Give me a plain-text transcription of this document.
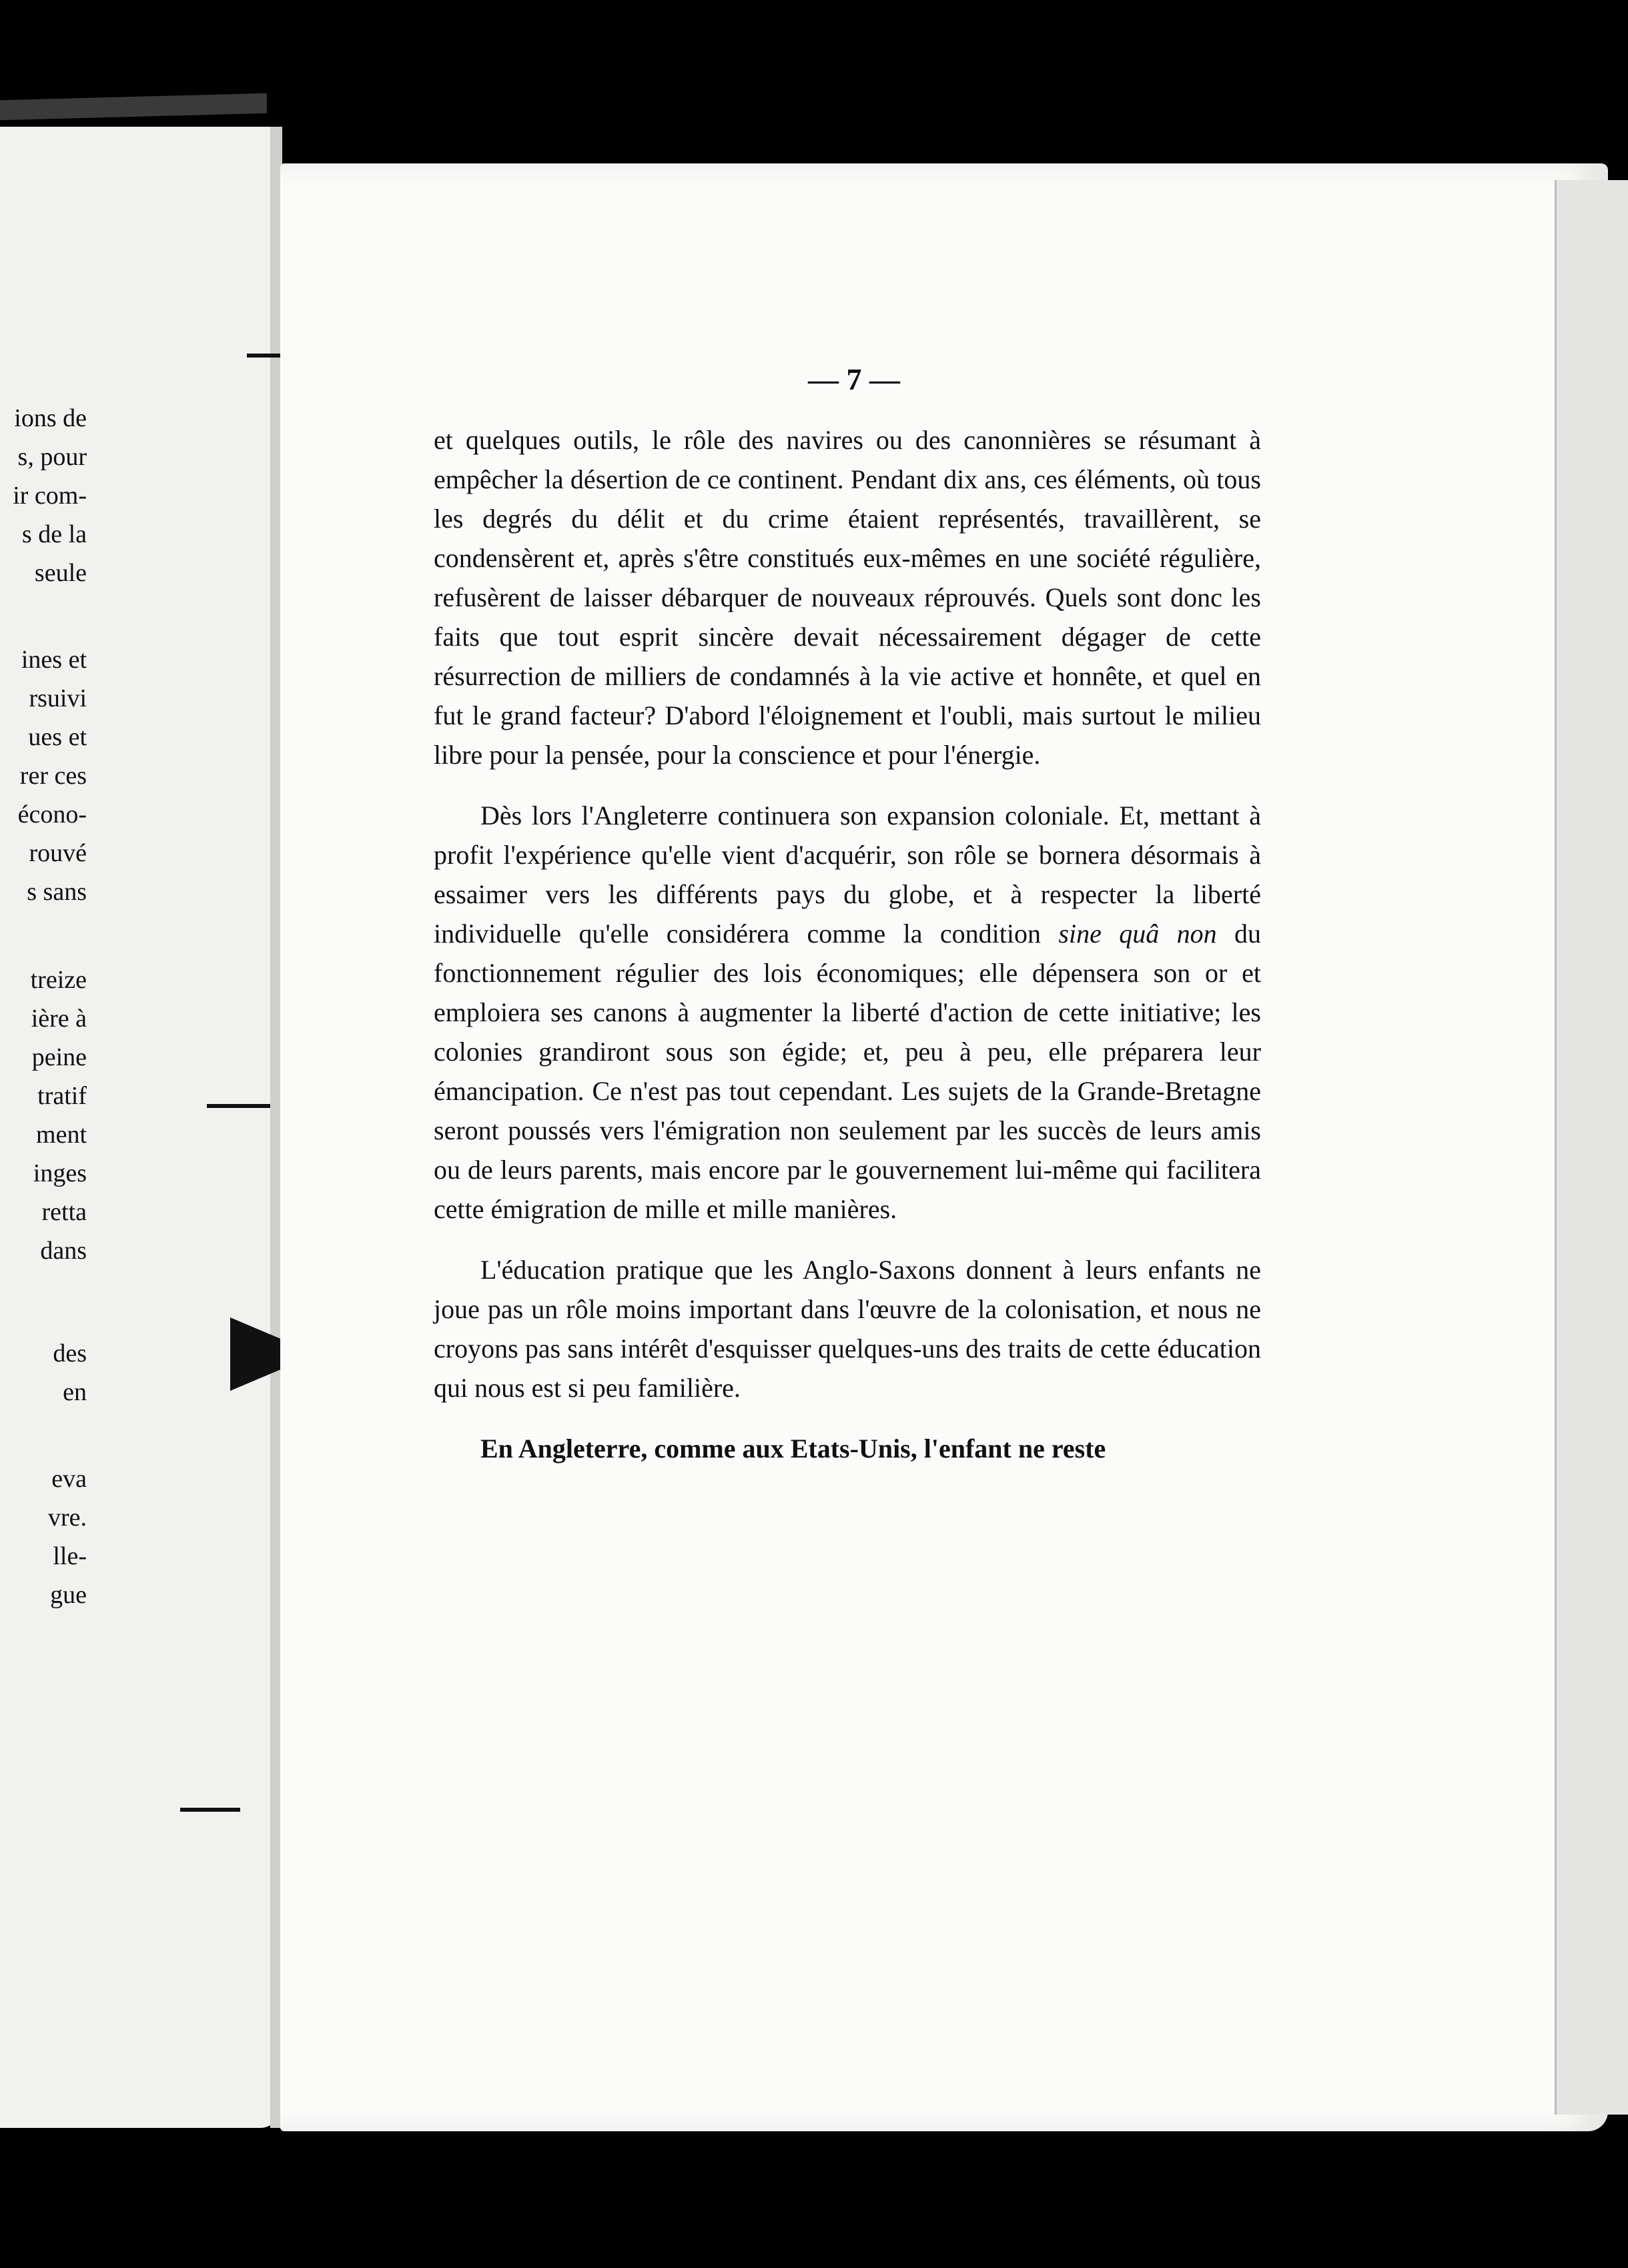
ions de
s, pour
ir com-
s de la
seule
ines et
rsuivi
ues et
rer ces
écono-
rouvé
s sans
treize
ière à
peine
tratif
ment
inges
retta
dans
des
en
eva
vre.
lle-
gue
— 7 —

et quelques outils, le rôle des navires ou des canonnières se résumant à empêcher la désertion de ce continent. Pendant dix ans, ces éléments, où tous les degrés du délit et du crime étaient représentés, travaillèrent, se condensèrent et, après s'être constitués eux-mêmes en une société régulière, refusèrent de laisser débarquer de nouveaux réprouvés. Quels sont donc les faits que tout esprit sincère devait nécessairement dégager de cette résurrection de milliers de condamnés à la vie active et honnête, et quel en fut le grand facteur? D'abord l'éloignement et l'oubli, mais surtout le milieu libre pour la pensée, pour la conscience et pour l'énergie.

Dès lors l'Angleterre continuera son expansion coloniale. Et, mettant à profit l'expérience qu'elle vient d'acquérir, son rôle se bornera désormais à essaimer vers les différents pays du globe, et à respecter la liberté individuelle qu'elle considérera comme la condition sine quâ non du fonctionnement régulier des lois économiques; elle dépensera son or et emploiera ses canons à augmenter la liberté d'action de cette initiative; les colonies grandiront sous son égide; et, peu à peu, elle préparera leur émancipation. Ce n'est pas tout cependant. Les sujets de la Grande-Bretagne seront poussés vers l'émigration non seulement par les succès de leurs amis ou de leurs parents, mais encore par le gouvernement lui-même qui facilitera cette émigration de mille et mille manières.

L'éducation pratique que les Anglo-Saxons donnent à leurs enfants ne joue pas un rôle moins important dans l'œuvre de la colonisation, et nous ne croyons pas sans intérêt d'esquisser quelques-uns des traits de cette éducation qui nous est si peu familière.

En Angleterre, comme aux Etats-Unis, l'enfant ne reste
